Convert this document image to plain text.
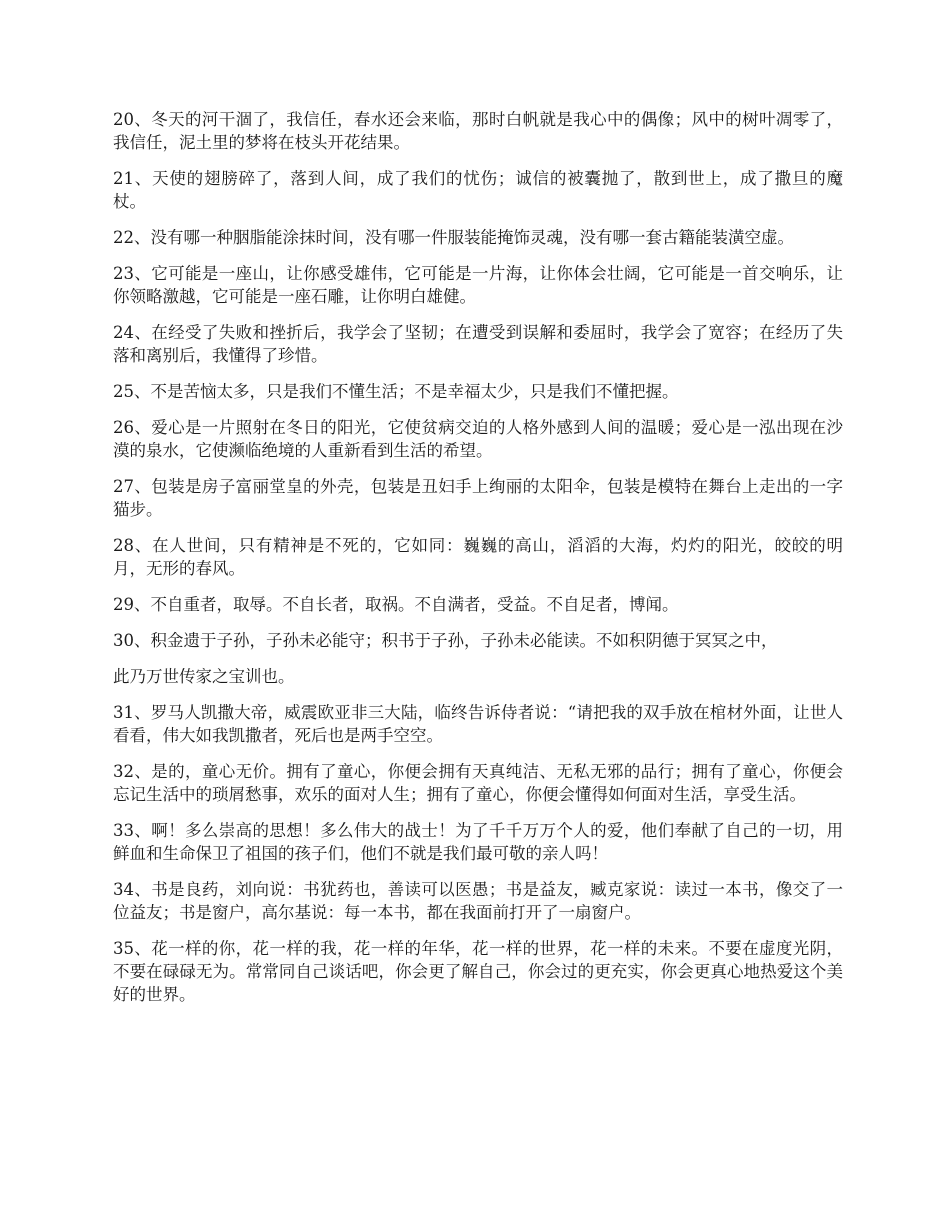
20、冬天的河干涸了，我信任，春水还会来临，那时白帆就是我心中的偶像；风中的树叶凋零了，我信任，泥土里的梦将在枝头开花结果。

21、天使的翅膀碎了，落到人间，成了我们的忧伤；诚信的被囊抛了，散到世上，成了撒旦的魔杖。

22、没有哪一种胭脂能涂抹时间，没有哪一件服装能掩饰灵魂，没有哪一套古籍能装潢空虚。

23、它可能是一座山，让你感受雄伟，它可能是一片海，让你体会壮阔，它可能是一首交响乐，让你领略激越，它可能是一座石雕，让你明白雄健。

24、在经受了失败和挫折后，我学会了坚韧；在遭受到误解和委屈时，我学会了宽容；在经历了失落和离别后，我懂得了珍惜。

25、不是苦恼太多，只是我们不懂生活；不是幸福太少，只是我们不懂把握。

26、爱心是一片照射在冬日的阳光，它使贫病交迫的人格外感到人间的温暖；爱心是一泓出现在沙漠的泉水，它使濒临绝境的人重新看到生活的希望。

27、包装是房子富丽堂皇的外壳，包装是丑妇手上绚丽的太阳伞，包装是模特在舞台上走出的一字猫步。

28、在人世间，只有精神是不死的，它如同：巍巍的高山，滔滔的大海，灼灼的阳光，皎皎的明月，无形的春风。

29、不自重者，取辱。不自长者，取祸。不自满者，受益。不自足者，博闻。

30、积金遗于子孙，子孙未必能守；积书于子孙，子孙未必能读。不如积阴德于冥冥之中，

此乃万世传家之宝训也。

31、罗马人凯撒大帝，威震欧亚非三大陆，临终告诉侍者说：“请把我的双手放在棺材外面，让世人看看，伟大如我凯撒者，死后也是两手空空。

32、是的，童心无价。拥有了童心，你便会拥有天真纯洁、无私无邪的品行；拥有了童心，你便会忘记生活中的琐屑愁事，欢乐的面对人生；拥有了童心，你便会懂得如何面对生活，享受生活。

33、啊！多么崇高的思想！多么伟大的战士！为了千千万万个人的爱，他们奉献了自己的一切，用鲜血和生命保卫了祖国的孩子们，他们不就是我们最可敬的亲人吗！

34、书是良药，刘向说：书犹药也，善读可以医愚；书是益友，臧克家说：读过一本书，像交了一位益友；书是窗户，高尔基说：每一本书，都在我面前打开了一扇窗户。

35、花一样的你，花一样的我，花一样的年华，花一样的世界，花一样的未来。不要在虚度光阴，不要在碌碌无为。常常同自己谈话吧，你会更了解自己，你会过的更充实，你会更真心地热爱这个美好的世界。
